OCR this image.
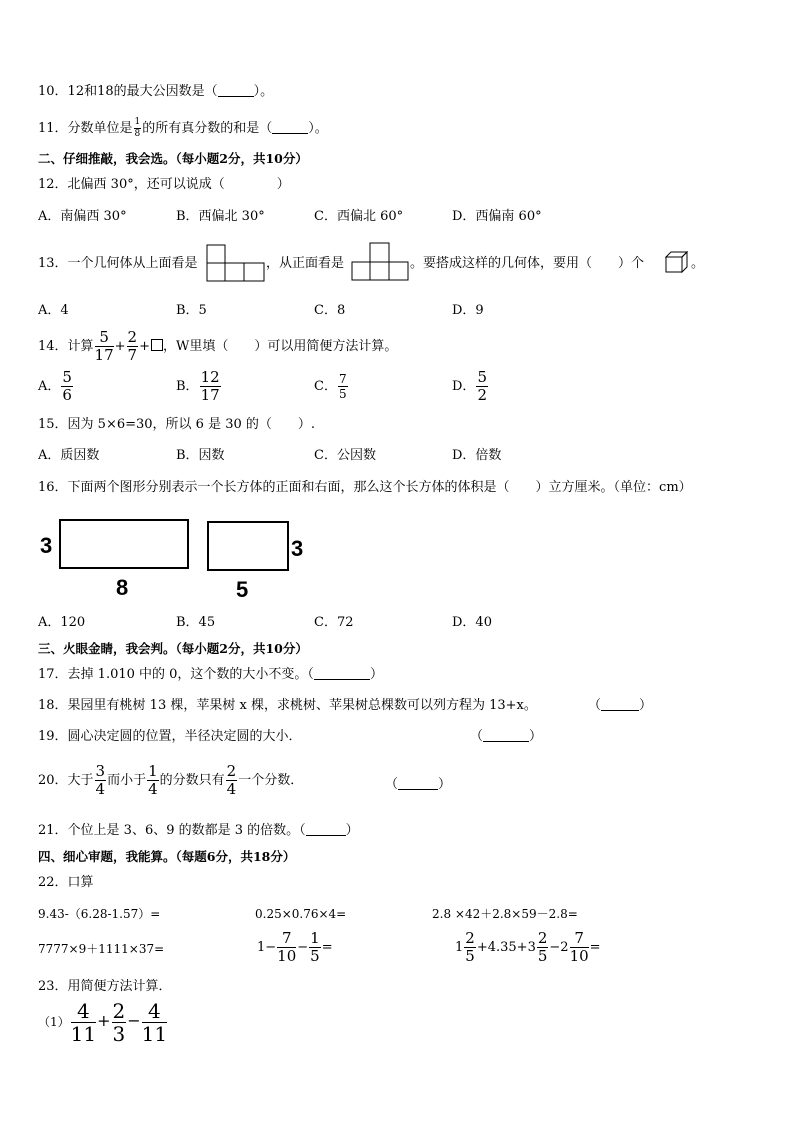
10．12和18的最大公因数是（	）。
11．分数单位是 $\frac{1}{8}$ 的所有真分数的和是（	）。
二、仔细推敲，我会选。（每小题2分，共10分）
12．北偏西 30°，还可以说成（　　　　）
A．南偏西 30°	B．西偏北 30°	C．西偏北 60°	D．西偏南 60°
13．一个几何体从上面看是	，从正面看是	。要搭成这样的几何体，要用（　　）个	。
A．4	B．5	C．8	D．9
14．计算 $\frac{5}{17} + \frac{2}{7}$ + ，W里填（　　）可以用简便方法计算。
A． $\frac{5}{6}$	B． $\frac{12}{17}$	C． $\frac{7}{5}$	D． $\frac{5}{2}$
15．因为 5×6=30，所以 6 是 30 的（　　）.
A．质因数	B．因数	C．公因数	D．倍数
16．下面两个图形分别表示一个长方体的正面和右面，那么这个长方体的体积是（　　）立方厘米。（单位：cm）
3
8
3
5
A．120	B．45	C．72	D．40
三、火眼金睛，我会判。（每小题2分，共10分）
17．去掉 1.010 中的 0，这个数的大小不变。（	）
18．果园里有桃树 13 棵，苹果树 x 棵，求桃树、苹果树总棵数可以列方程为 13+x。	（	）
19．圆心决定圆的位置，半径决定圆的大小．	（	）
20．大于 $\frac{3}{4}$ 而小于 $\frac{1}{4}$ 的分数只有 $\frac{2}{4}$ 一个分数．	（	）
21．个位上是 3、6、9 的数都是 3 的倍数。（	）
四、细心审题，我能算。（每题6分，共18分）
22．口算
9.43-（6.28-1.57）=	0.25×0.76×4=	2.8 ×42＋2.8×59－2.8=
7777×9＋1111×37=	$1- \frac{7}{10} - \frac{1}{5}$ =	$1 \frac{2}{5} +4.35+3 \frac{2}{5} -2 \frac{7}{10}$ =
23．用简便方法计算．
$(1) \frac{4}{11} + \frac{2}{3} - \frac{4}{11}$
